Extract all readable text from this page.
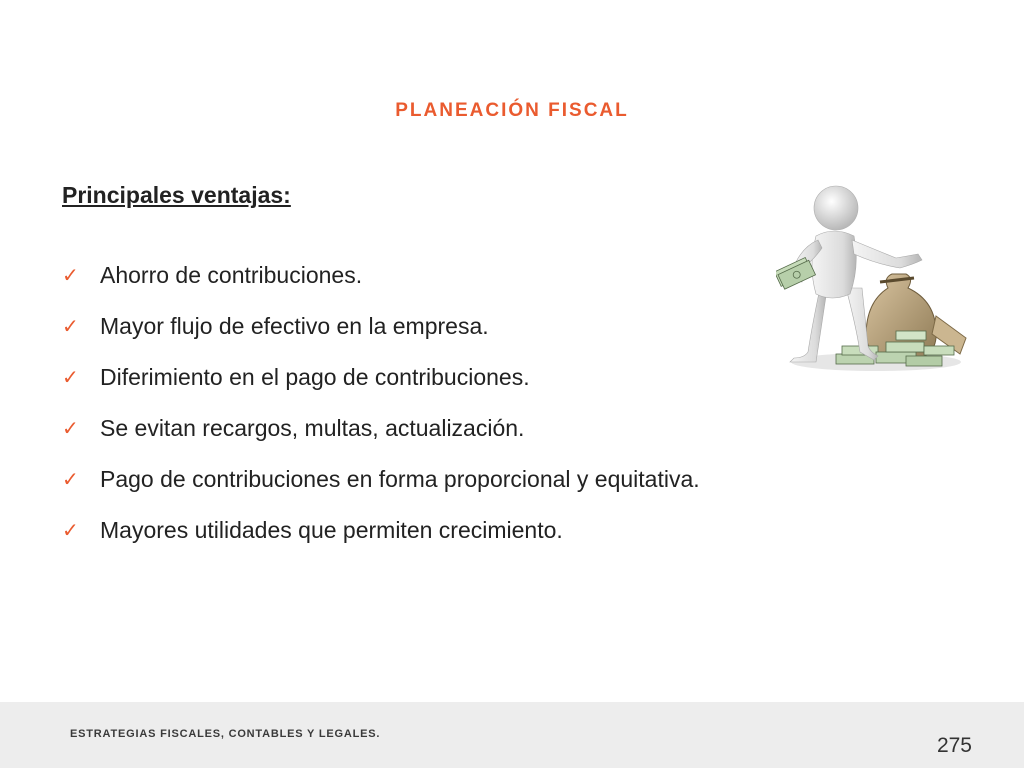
PLANEACIÓN FISCAL
Principales ventajas:
✓ Ahorro de contribuciones.
✓ Mayor flujo de efectivo en la empresa.
✓ Diferimiento en el pago de contribuciones.
✓ Se evitan recargos, multas, actualización.
✓ Pago de contribuciones en forma proporcional y equitativa.
✓ Mayores utilidades que permiten crecimiento.
ESTRATEGIAS FISCALES, CONTABLES Y LEGALES.	275
